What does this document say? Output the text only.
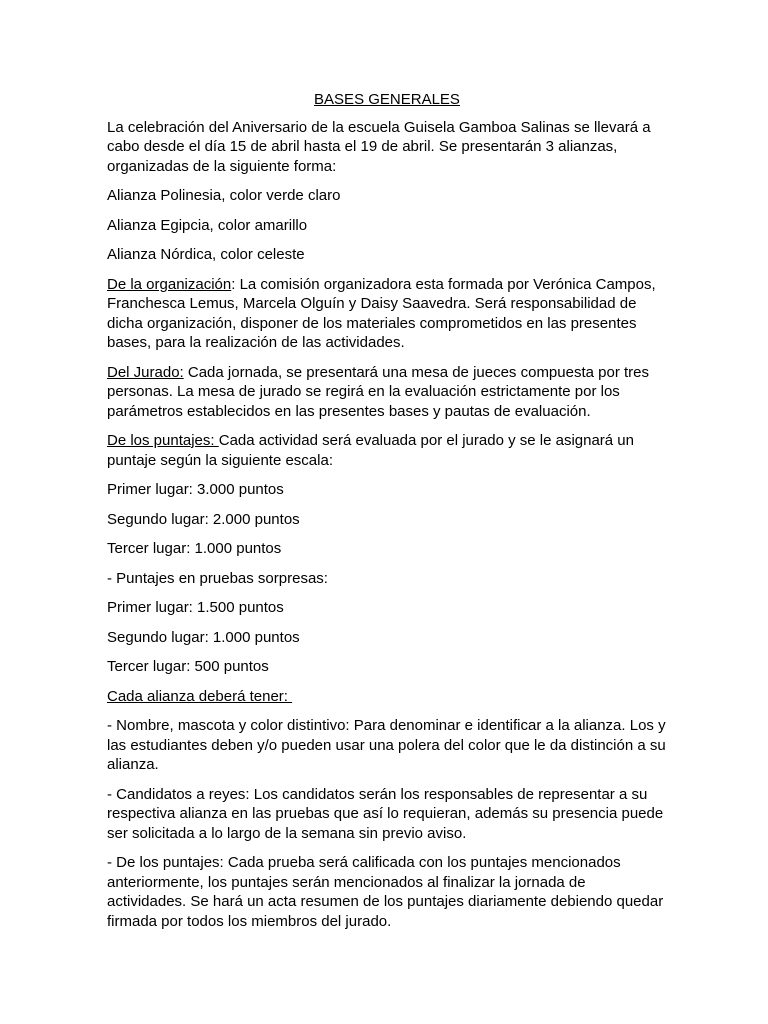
BASES GENERALES

La celebración del Aniversario de la escuela Guisela Gamboa Salinas se llevará a cabo desde el día 15 de abril hasta el 19 de abril. Se presentarán 3 alianzas, organizadas de la siguiente forma:

Alianza Polinesia, color verde claro

Alianza Egipcia, color amarillo

Alianza Nórdica, color celeste

De la organización: La comisión organizadora esta formada por Verónica Campos, Franchesca Lemus, Marcela Olguín y Daisy Saavedra. Será responsabilidad de dicha organización, disponer de los materiales comprometidos en las presentes bases, para la realización de las actividades.

Del Jurado: Cada jornada, se presentará una mesa de jueces compuesta por tres personas. La mesa de jurado se regirá en la evaluación estrictamente por los parámetros establecidos en las presentes bases y pautas de evaluación.

De los puntajes: Cada actividad será evaluada por el jurado y se le asignará un puntaje según la siguiente escala:

Primer lugar: 3.000 puntos

Segundo lugar: 2.000 puntos

Tercer lugar: 1.000 puntos

- Puntajes en pruebas sorpresas:

Primer lugar: 1.500 puntos

Segundo lugar: 1.000 puntos

Tercer lugar: 500 puntos

Cada alianza deberá tener:

- Nombre, mascota y color distintivo: Para denominar e identificar a la alianza. Los y las estudiantes deben y/o pueden usar una polera del color que le da distinción a su alianza.

- Candidatos a reyes: Los candidatos serán los responsables de representar a su respectiva alianza en las pruebas que así lo requieran, además su presencia puede ser solicitada a lo largo de la semana sin previo aviso.

- De los puntajes: Cada prueba será calificada con los puntajes mencionados anteriormente, los puntajes serán mencionados al finalizar la jornada de actividades. Se hará un acta resumen de los puntajes diariamente debiendo quedar firmada por todos los miembros del jurado.
